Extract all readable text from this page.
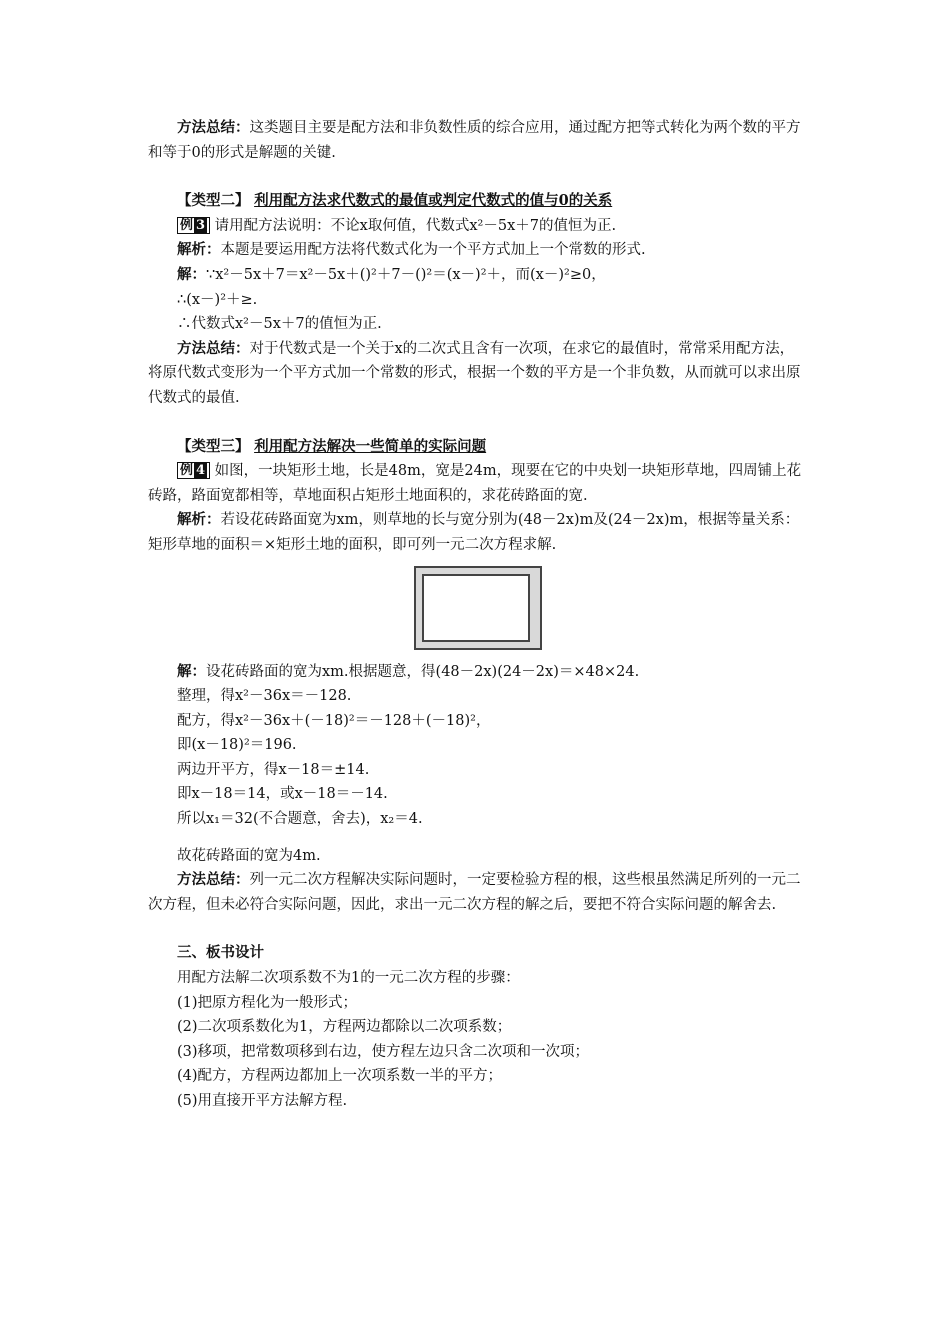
方法总结：这类题目主要是配方法和非负数性质的综合应用，通过配方把等式转化为两个数的平方和等于0的形式是解题的关键.

【类型二】 利用配方法求代数式的最值或判定代数式的值与0的关系

例 3 请用配方法说明：不论x取何值，代数式x²－5x＋7的值恒为正.

解析：本题是要运用配方法将代数式化为一个平方式加上一个常数的形式.

解：∵x²－5x＋7＝x²－5x＋()²＋7－()²＝(x－)²＋，而(x－)²≥0，

∴(x－)²＋≥.

∴代数式x²－5x＋7的值恒为正.

方法总结：对于代数式是一个关于x的二次式且含有一次项，在求它的最值时，常常采用配方法，将原代数式变形为一个平方式加一个常数的形式，根据一个数的平方是一个非负数，从而就可以求出原代数式的最值.

【类型三】 利用配方法解决一些简单的实际问题

例 4 如图，一块矩形土地，长是48m，宽是24m，现要在它的中央划一块矩形草地，四周铺上花砖路，路面宽都相等，草地面积占矩形土地面积的，求花砖路面的宽.

解析：若设花砖路面宽为xm，则草地的长与宽分别为(48－2x)m及(24－2x)m，根据等量关系：矩形草地的面积＝×矩形土地的面积，即可列一元二次方程求解.

解：设花砖路面的宽为xm.根据题意，得(48－2x)(24－2x)＝×48×24.

整理，得x²－36x＝－128.

配方，得x²－36x＋(－18)²＝－128＋(－18)²，

即(x－18)²＝196.

两边开平方，得x－18＝±14.

即x－18＝14，或x－18＝－14.

所以x₁＝32(不合题意，舍去)，x₂＝4.

故花砖路面的宽为4m.

方法总结：列一元二次方程解决实际问题时，一定要检验方程的根，这些根虽然满足所列的一元二次方程，但未必符合实际问题，因此，求出一元二次方程的解之后，要把不符合实际问题的解舍去.

三、板书设计

用配方法解二次项系数不为1的一元二次方程的步骤：

(1)把原方程化为一般形式；

(2)二次项系数化为1，方程两边都除以二次项系数；

(3)移项，把常数项移到右边，使方程左边只含二次项和一次项；

(4)配方，方程两边都加上一次项系数一半的平方；

(5)用直接开平方法解方程.
